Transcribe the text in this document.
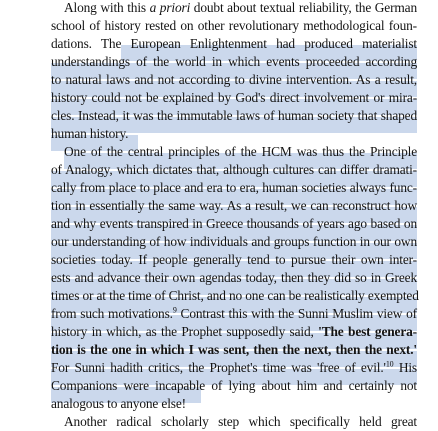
Along with this a priori doubt about textual reliability, the German
school of history rested on other revolutionary methodological foun-
dations. The European Enlightenment had produced materialist
understandings of the world in which events proceeded according
to natural laws and not according to divine intervention. As a result,
history could not be explained by God's direct involvement or mira-
cles. Instead, it was the immutable laws of human society that shaped
human history.
One of the central principles of the HCM was thus the Principle
of Analogy, which dictates that, although cultures can differ dramati-
cally from place to place and era to era, human societies always func-
tion in essentially the same way. As a result, we can reconstruct how
and why events transpired in Greece thousands of years ago based on
our understanding of how individuals and groups function in our own
societies today. If people generally tend to pursue their own inter-
ests and advance their own agendas today, then they did so in Greek
times or at the time of Christ, and no one can be realistically exempted
from such motivations.$^9$ Contrast this with the Sunni Muslim view of
history in which, as the Prophet supposedly said, 'The best genera-
tion is the one in which I was sent, then the next, then the next.'
For Sunni hadith critics, the Prophet's time was 'free of $evil.'^{10}$ His
Companions were incapable of lying about him and certainly not
analogous to anyone else!
Another radical scholarly step which specifically held great
